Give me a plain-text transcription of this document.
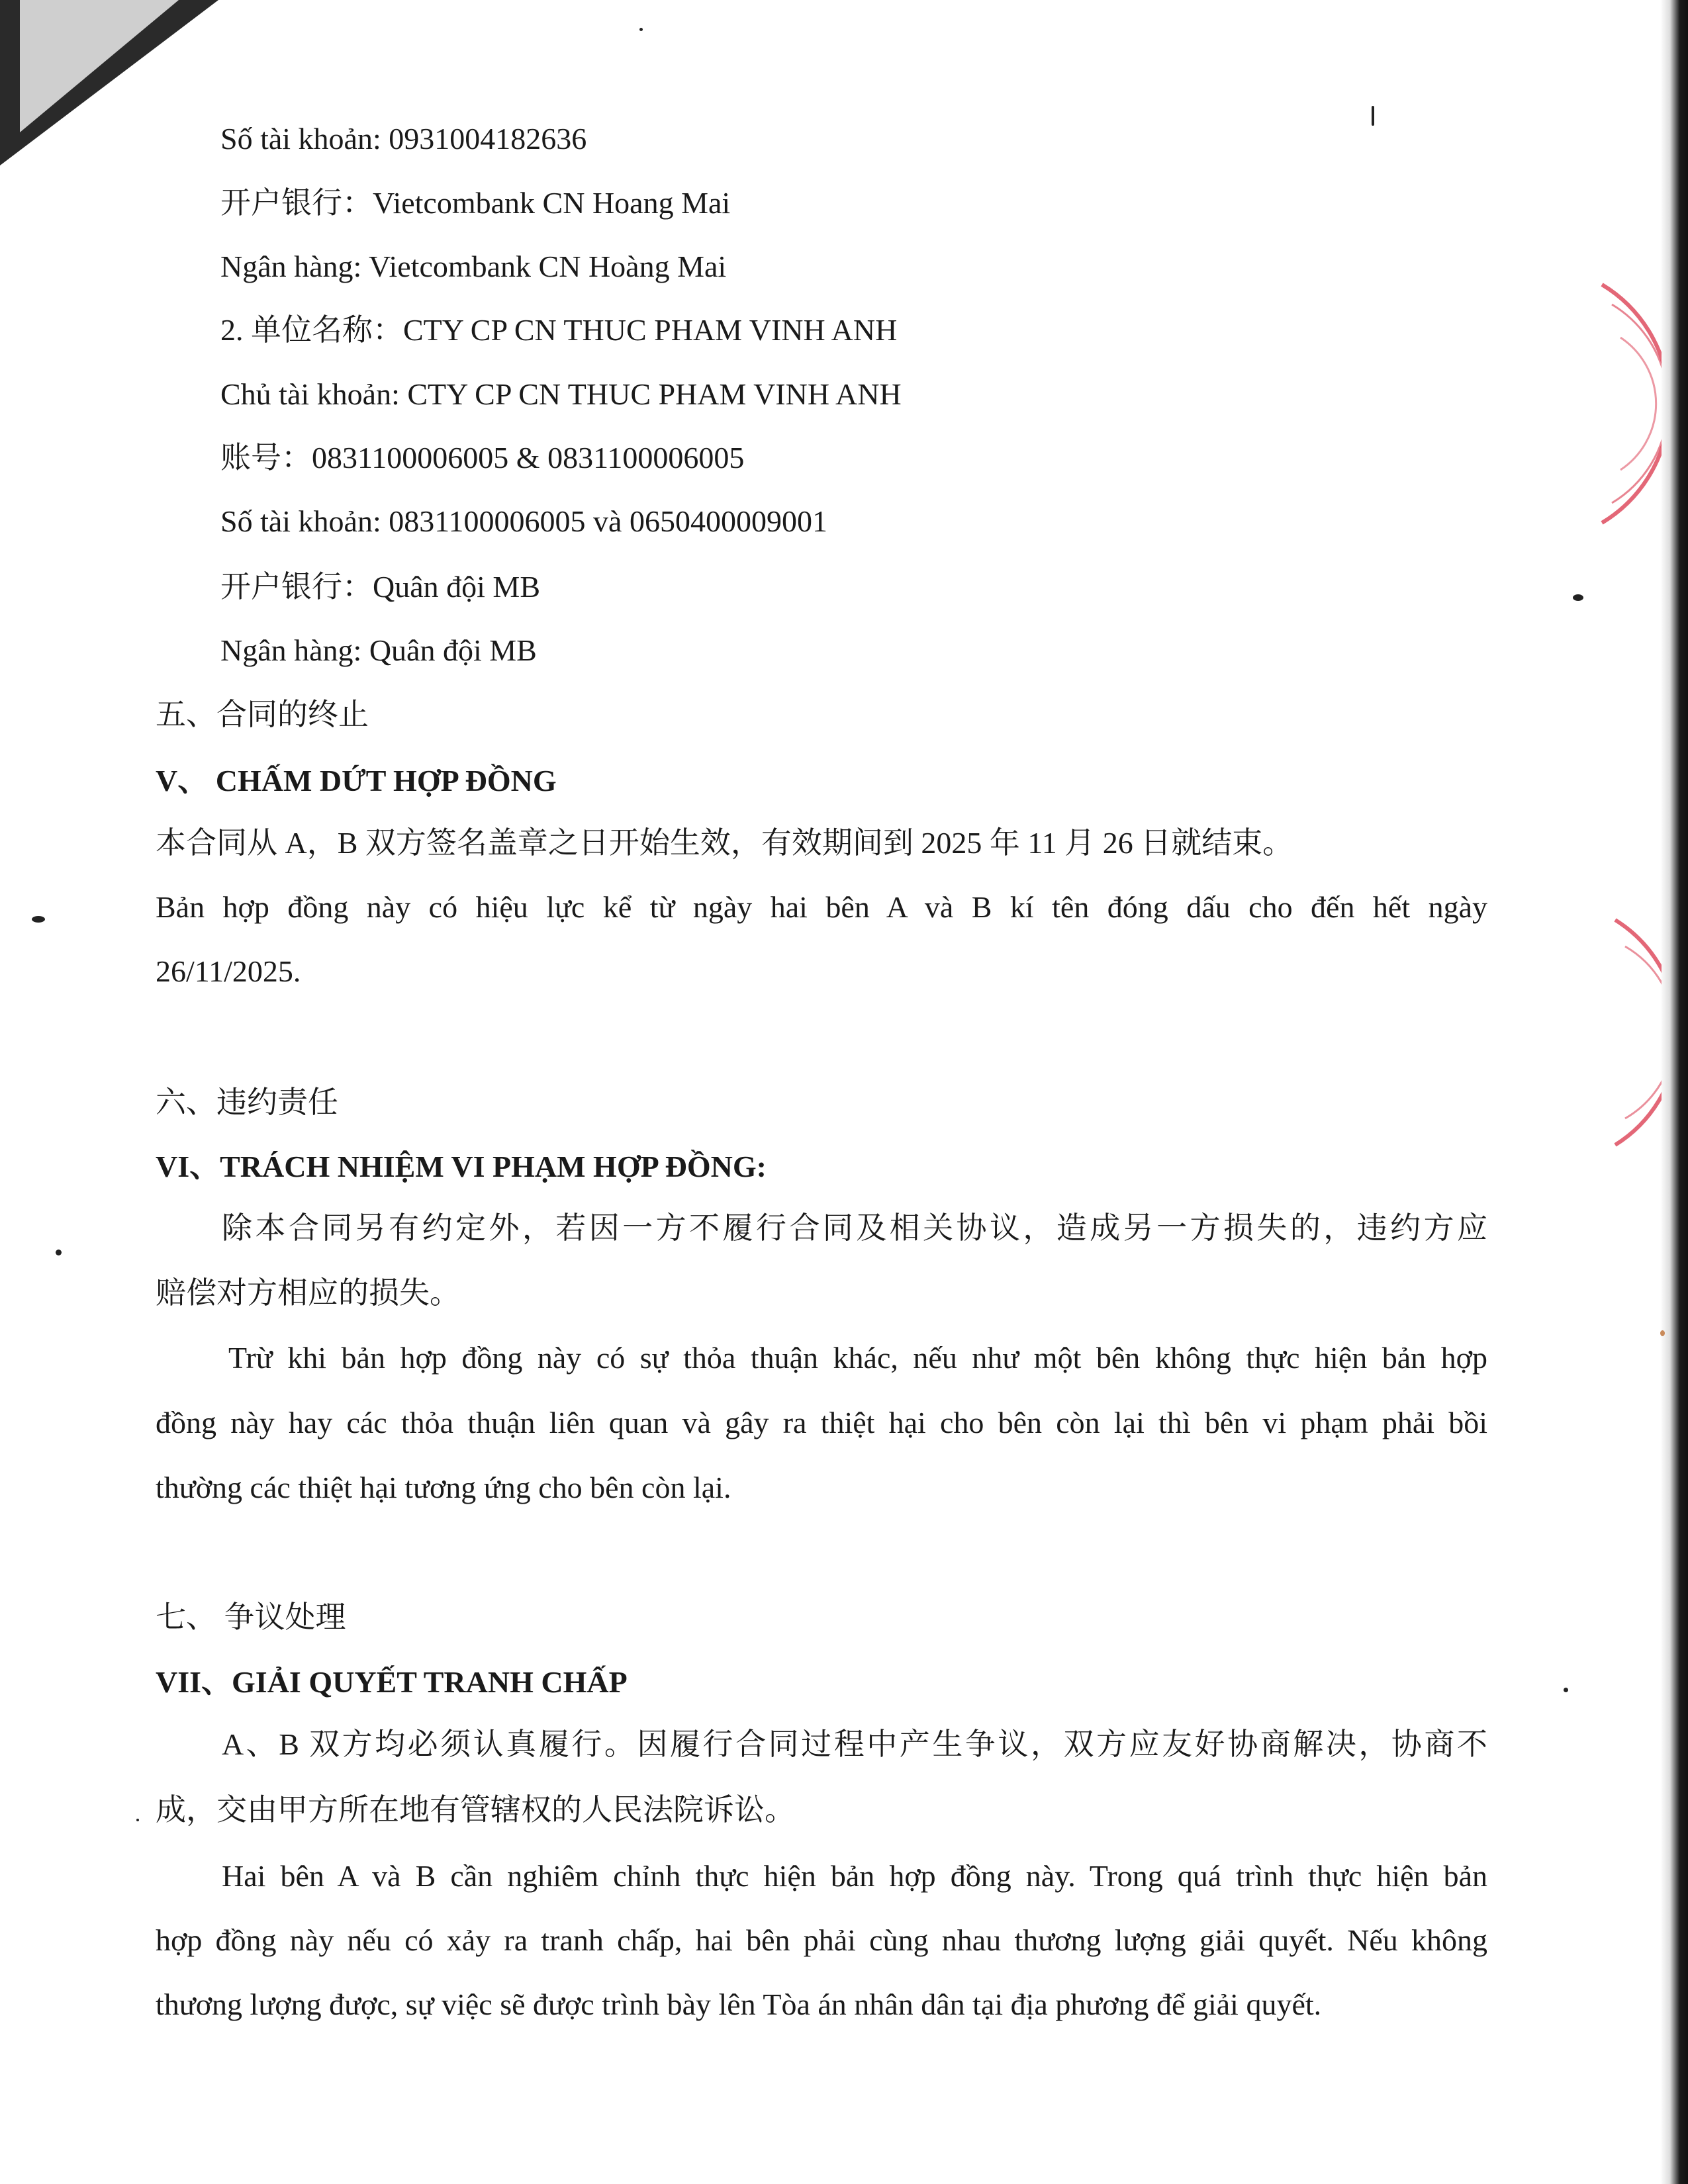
Số tài khoản: 0931004182636
开户银行：Vietcombank CN Hoang Mai
Ngân hàng: Vietcombank CN Hoàng Mai
2. 单位名称：CTY CP CN THUC PHAM VINH ANH
Chủ tài khoản: CTY CP CN THUC PHAM VINH ANH
账号：0831100006005 & 0831100006005
Số tài khoản: 0831100006005 và 0650400009001
开户银行：Quân đội MB
Ngân hàng: Quân đội MB
五、合同的终止
V、 CHẤM DỨT HỢP ĐỒNG
本合同从 A，B 双方签名盖章之日开始生效，有效期间到 2025 年 11 月 26 日就结束。
Bản hợp đồng này có hiệu lực kể từ ngày hai bên A và B kí tên đóng dấu cho đến hết ngày
26/11/2025.
六、违约责任
VI、TRÁCH NHIỆM VI PHẠM HỢP ĐỒNG:
除本合同另有约定外，若因一方不履行合同及相关协议，造成另一方损失的，违约方应
赔偿对方相应的损失。
Trừ khi bản hợp đồng này có sự thỏa thuận khác, nếu như một bên không thực hiện bản hợp
đồng này hay các thỏa thuận liên quan và gây ra thiệt hại cho bên còn lại thì bên vi phạm phải bồi
thường các thiệt hại tương ứng cho bên còn lại.
七、 争议处理
VII、GIẢI QUYẾT TRANH CHẤP
A、B 双方均必须认真履行。因履行合同过程中产生争议，双方应友好协商解决，协商不
成，交由甲方所在地有管辖权的人民法院诉讼。
Hai bên A và B cần nghiêm chỉnh thực hiện bản hợp đồng này. Trong quá trình thực hiện bản
hợp đồng này nếu có xảy ra tranh chấp, hai bên phải cùng nhau thương lượng giải quyết. Nếu không
thương lượng được, sự việc sẽ được trình bày lên Tòa án nhân dân tại địa phương để giải quyết.
